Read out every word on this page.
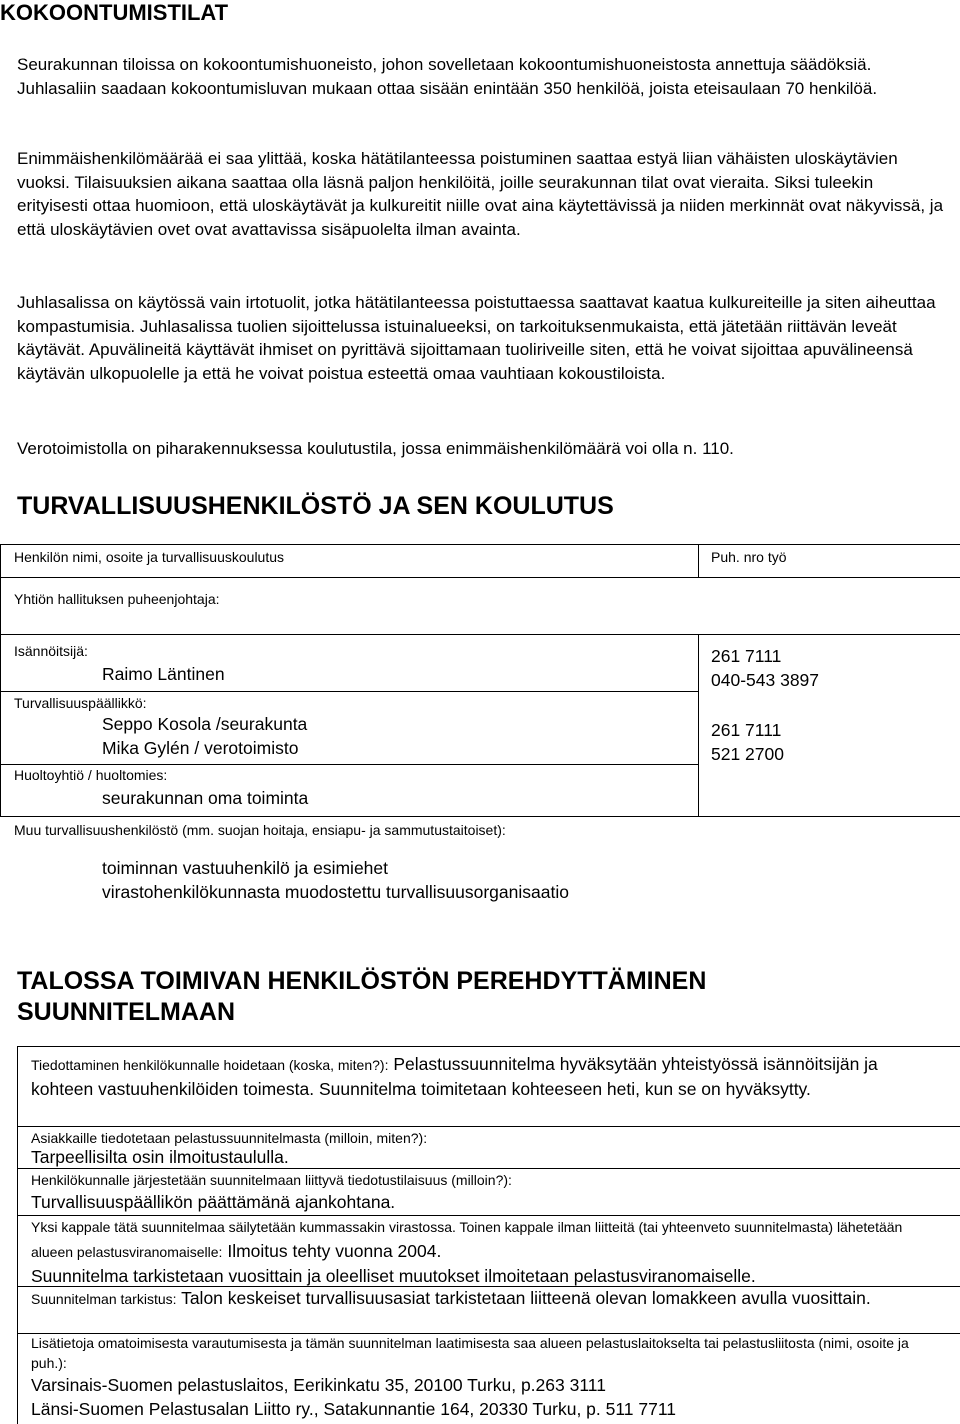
KOKOONTUMISTILAT
Seurakunnan tiloissa on kokoontumishuoneisto, johon sovelletaan kokoontumishuoneistosta annettuja säädöksiä. Juhlasaliin saadaan kokoontumisluvan mukaan ottaa sisään enintään 350 henkilöä, joista eteisaulaan 70 henkilöä.
Enimmäishenkilömäärää ei saa ylittää, koska hätätilanteessa poistuminen saattaa estyä liian vähäisten uloskäytävien vuoksi. Tilaisuuksien aikana saattaa olla läsnä paljon henkilöitä, joille seurakunnan tilat ovat vieraita. Siksi tuleekin erityisesti ottaa huomioon, että uloskäytävät ja kulkureitit niille ovat aina käytettävissä ja niiden merkinnät ovat näkyvissä, ja että uloskäytävien ovet ovat avattavissa sisäpuolelta ilman avainta.
Juhlasalissa on käytössä vain irtotuolit, jotka hätätilanteessa poistuttaessa saattavat kaatua kulkureiteille ja siten aiheuttaa kompastumisia. Juhlasalissa tuolien sijoittelussa istuinalueeksi, on tarkoituksenmukaista, että jätetään riittävän leveät käytävät. Apuvälineitä käyttävät ihmiset on pyrittävä sijoittamaan tuoliriveille siten, että he voivat sijoittaa apuvälineensä käytävän ulkopuolelle ja että he voivat poistua esteettä omaa vauhtiaan kokoustiloista.
Verotoimistolla on piharakennuksessa koulutustila, jossa enimmäishenkilömäärä voi olla n. 110.
TURVALLISUUSHENKILÖSTÖ JA SEN KOULUTUS
Henkilön nimi, osoite ja turvallisuuskoulutus	Puh. nro työ
Yhtiön hallituksen puheenjohtaja:
Isännöitsijä:
Raimo Läntinen
261 7111
040-543 3897
Turvallisuuspäällikkö:
Seppo Kosola /seurakunta
Mika Gylén / verotoimisto
261 7111
521 2700
Huoltoyhtiö / huoltomies:
seurakunnan oma toiminta
Muu turvallisuushenkilöstö (mm. suojan hoitaja, ensiapu- ja sammutustaitoiset):
toiminnan vastuuhenkilö ja esimiehet
virastohenkilökunnasta muodostettu turvallisuusorganisaatio
TALOSSA TOIMIVAN HENKILÖSTÖN PEREHDYTTÄMINEN
SUUNNITELMAAN

Tiedottaminen henkilökunnalle hoidetaan (koska, miten?): Pelastussuunnitelma hyväksytään yhteistyössä isännöitsijän ja kohteen vastuuhenkilöiden toimesta. Suunnitelma toimitetaan kohteeseen heti, kun se on hyväksytty.

Asiakkaille tiedotetaan pelastussuunnitelmasta (milloin, miten?):

Tarpeellisilta osin ilmoitustaululla.

Henkilökunnalle järjestetään suunnitelmaan liittyvä tiedotustilaisuus (milloin?):

Turvallisuuspäällikön päättämänä ajankohtana.

Yksi kappale tätä suunnitelmaa säilytetään kummassakin virastossa. Toinen kappale ilman liitteitä (tai yhteenveto suunnitelmasta) lähetetään alueen pelastusviranomaiselle: Ilmoitus tehty vuonna 2004.

Suunnitelma tarkistetaan vuosittain ja oleelliset muutokset ilmoitetaan pelastusviranomaiselle.

Suunnitelman tarkistus: Talon keskeiset turvallisuusasiat tarkistetaan liitteenä olevan lomakkeen avulla vuosittain.

Lisätietoja omatoimisesta varautumisesta ja tämän suunnitelman laatimisesta saa alueen pelastuslaitokselta tai pelastusliitosta (nimi, osoite ja puh.):

Varsinais-Suomen pelastuslaitos, Eerikinkatu 35, 20100 Turku, p.263 3111

Länsi-Suomen Pelastusalan Liitto ry., Satakunnantie 164, 20330 Turku, p. 511 7711
